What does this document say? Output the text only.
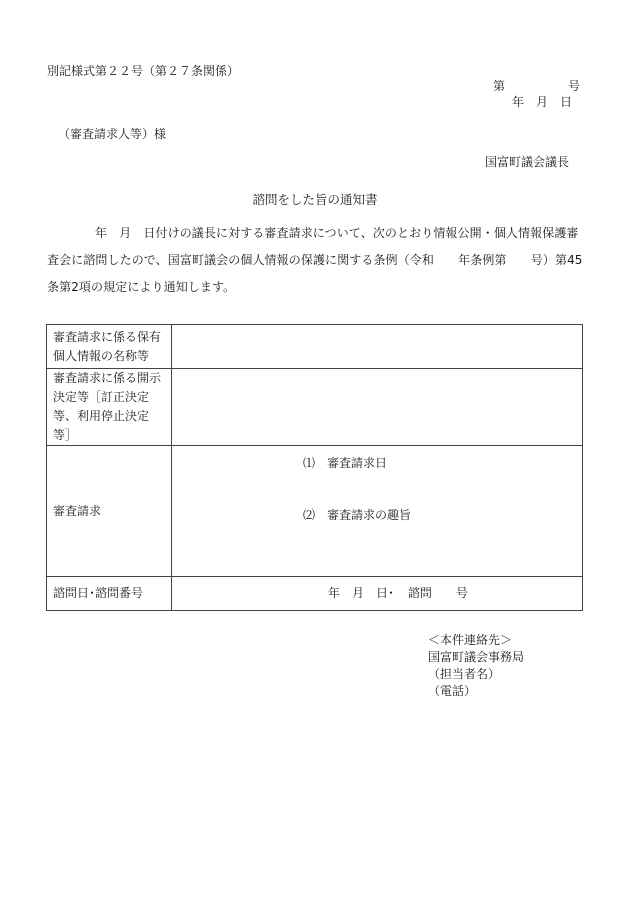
別記様式第２２号（第２７条関係）
第	号
年　月　日
（審査請求人等）様
国富町議会議長
諮問をした旨の通知書
年　月　日付けの議長に対する審査請求について、次のとおり情報公開・個人情報保護審査会に諮問したので、国富町議会の個人情報の保護に関する条例（令和　　年条例第　　号）第45条第2項の規定により通知します。
審査請求に係る保有個人情報の名称等	
審査請求に係る開示決定等［訂正決定等、利用停止決定等］	
審査請求	⑴　審査請求日
⑵　審査請求の趣旨

諮問日･諮問番号	年　月　日･ 諮問　　号
＜本件連絡先＞
国富町議会事務局
（担当者名）
（電話）
